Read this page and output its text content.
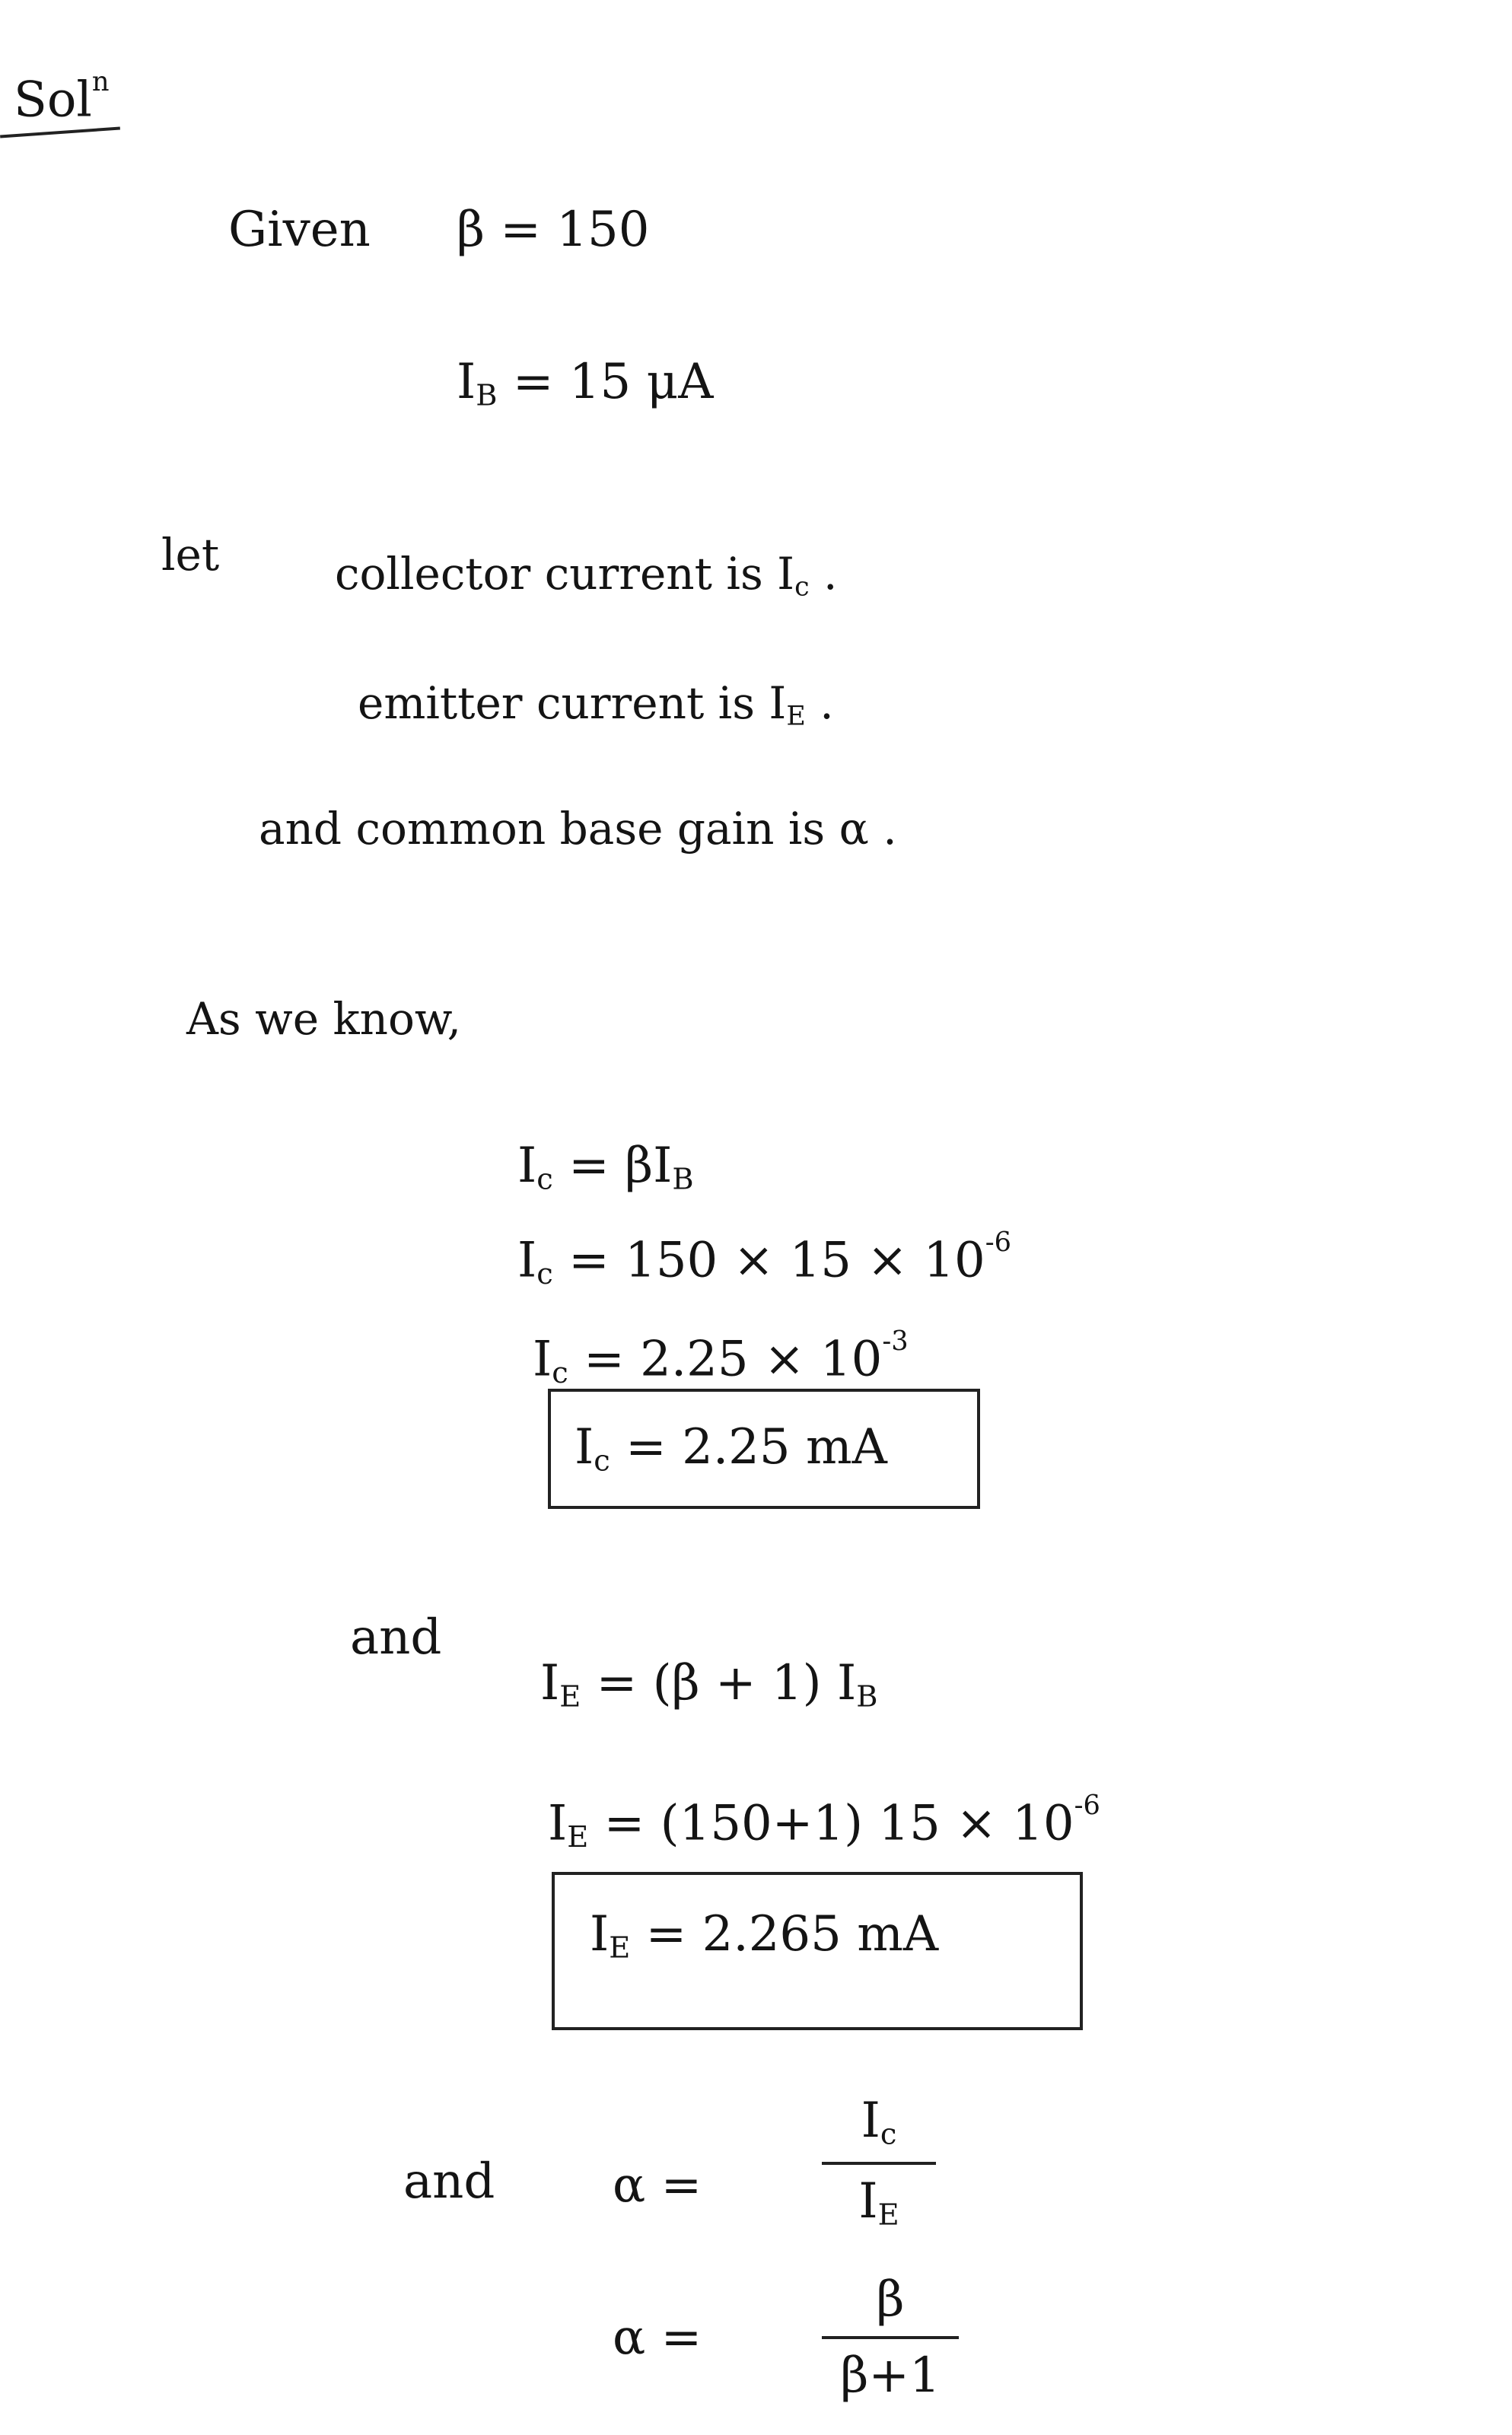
Sol$^n$
Given β = 150
$I_B = 15$ μA
let	collector current is $I_c$ .
emitter current is $I_E$ .
and common base gain is α .
As we know,
$I_c = \beta I_B$
$I_c = 150 \times 15 \times 10^{-6}$
$I_c = 2.25 \times 10^{-3}$
$I_c = 2.25$ mA
and
$I_E = (\beta + 1)$ $I_B$
$I_E = (150+1) 15 \times 10^{-6}$
$I_E = 2.265$ mA
and α =
$I_c$
$I_E$
α =
β
β+1
